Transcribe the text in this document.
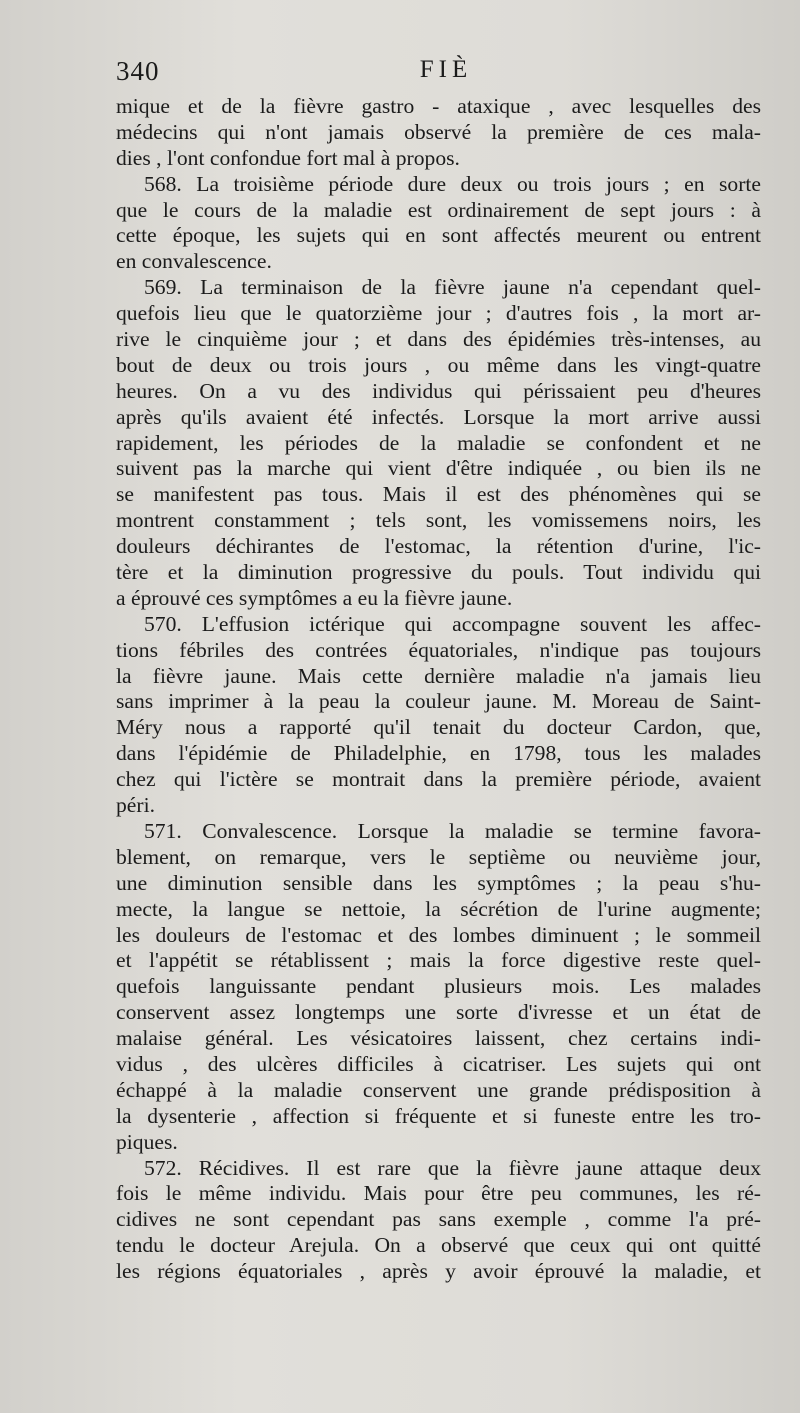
340	FIÈ
mique et de la fièvre gastro - ataxique , avec lesquelles des
médecins qui n'ont jamais observé la première de ces mala-
dies , l'ont confondue fort mal à propos.
568. La troisième période dure deux ou trois jours ; en sorte
que le cours de la maladie est ordinairement de sept jours : à
cette époque, les sujets qui en sont affectés meurent ou entrent
en convalescence.
569. La terminaison de la fièvre jaune n'a cependant quel-
quefois lieu que le quatorzième jour ; d'autres fois , la mort ar-
rive le cinquième jour ; et dans des épidémies très-intenses, au
bout de deux ou trois jours , ou même dans les vingt-quatre
heures. On a vu des individus qui périssaient peu d'heures
après qu'ils avaient été infectés. Lorsque la mort arrive aussi
rapidement, les périodes de la maladie se confondent et ne
suivent pas la marche qui vient d'être indiquée , ou bien ils ne
se manifestent pas tous. Mais il est des phénomènes qui se
montrent constamment ; tels sont, les vomissemens noirs, les
douleurs déchirantes de l'estomac, la rétention d'urine, l'ic-
tère et la diminution progressive du pouls. Tout individu qui
a éprouvé ces symptômes a eu la fièvre jaune.
570. L'effusion ictérique qui accompagne souvent les affec-
tions fébriles des contrées équatoriales, n'indique pas toujours
la fièvre jaune. Mais cette dernière maladie n'a jamais lieu
sans imprimer à la peau la couleur jaune. M. Moreau de Saint-
Méry nous a rapporté qu'il tenait du docteur Cardon, que,
dans l'épidémie de Philadelphie, en 1798, tous les malades
chez qui l'ictère se montrait dans la première période, avaient
péri.
571. Convalescence. Lorsque la maladie se termine favora-
blement, on remarque, vers le septième ou neuvième jour,
une diminution sensible dans les symptômes ; la peau s'hu-
mecte, la langue se nettoie, la sécrétion de l'urine augmente;
les douleurs de l'estomac et des lombes diminuent ; le sommeil
et l'appétit se rétablissent ; mais la force digestive reste quel-
quefois languissante pendant plusieurs mois. Les malades
conservent assez longtemps une sorte d'ivresse et un état de
malaise général. Les vésicatoires laissent, chez certains indi-
vidus , des ulcères difficiles à cicatriser. Les sujets qui ont
échappé à la maladie conservent une grande prédisposition à
la dysenterie , affection si fréquente et si funeste entre les tro-
piques.
572. Récidives. Il est rare que la fièvre jaune attaque deux
fois le même individu. Mais pour être peu communes, les ré-
cidives ne sont cependant pas sans exemple , comme l'a pré-
tendu le docteur Arejula. On a observé que ceux qui ont quitté
les régions équatoriales , après y avoir éprouvé la maladie, et
